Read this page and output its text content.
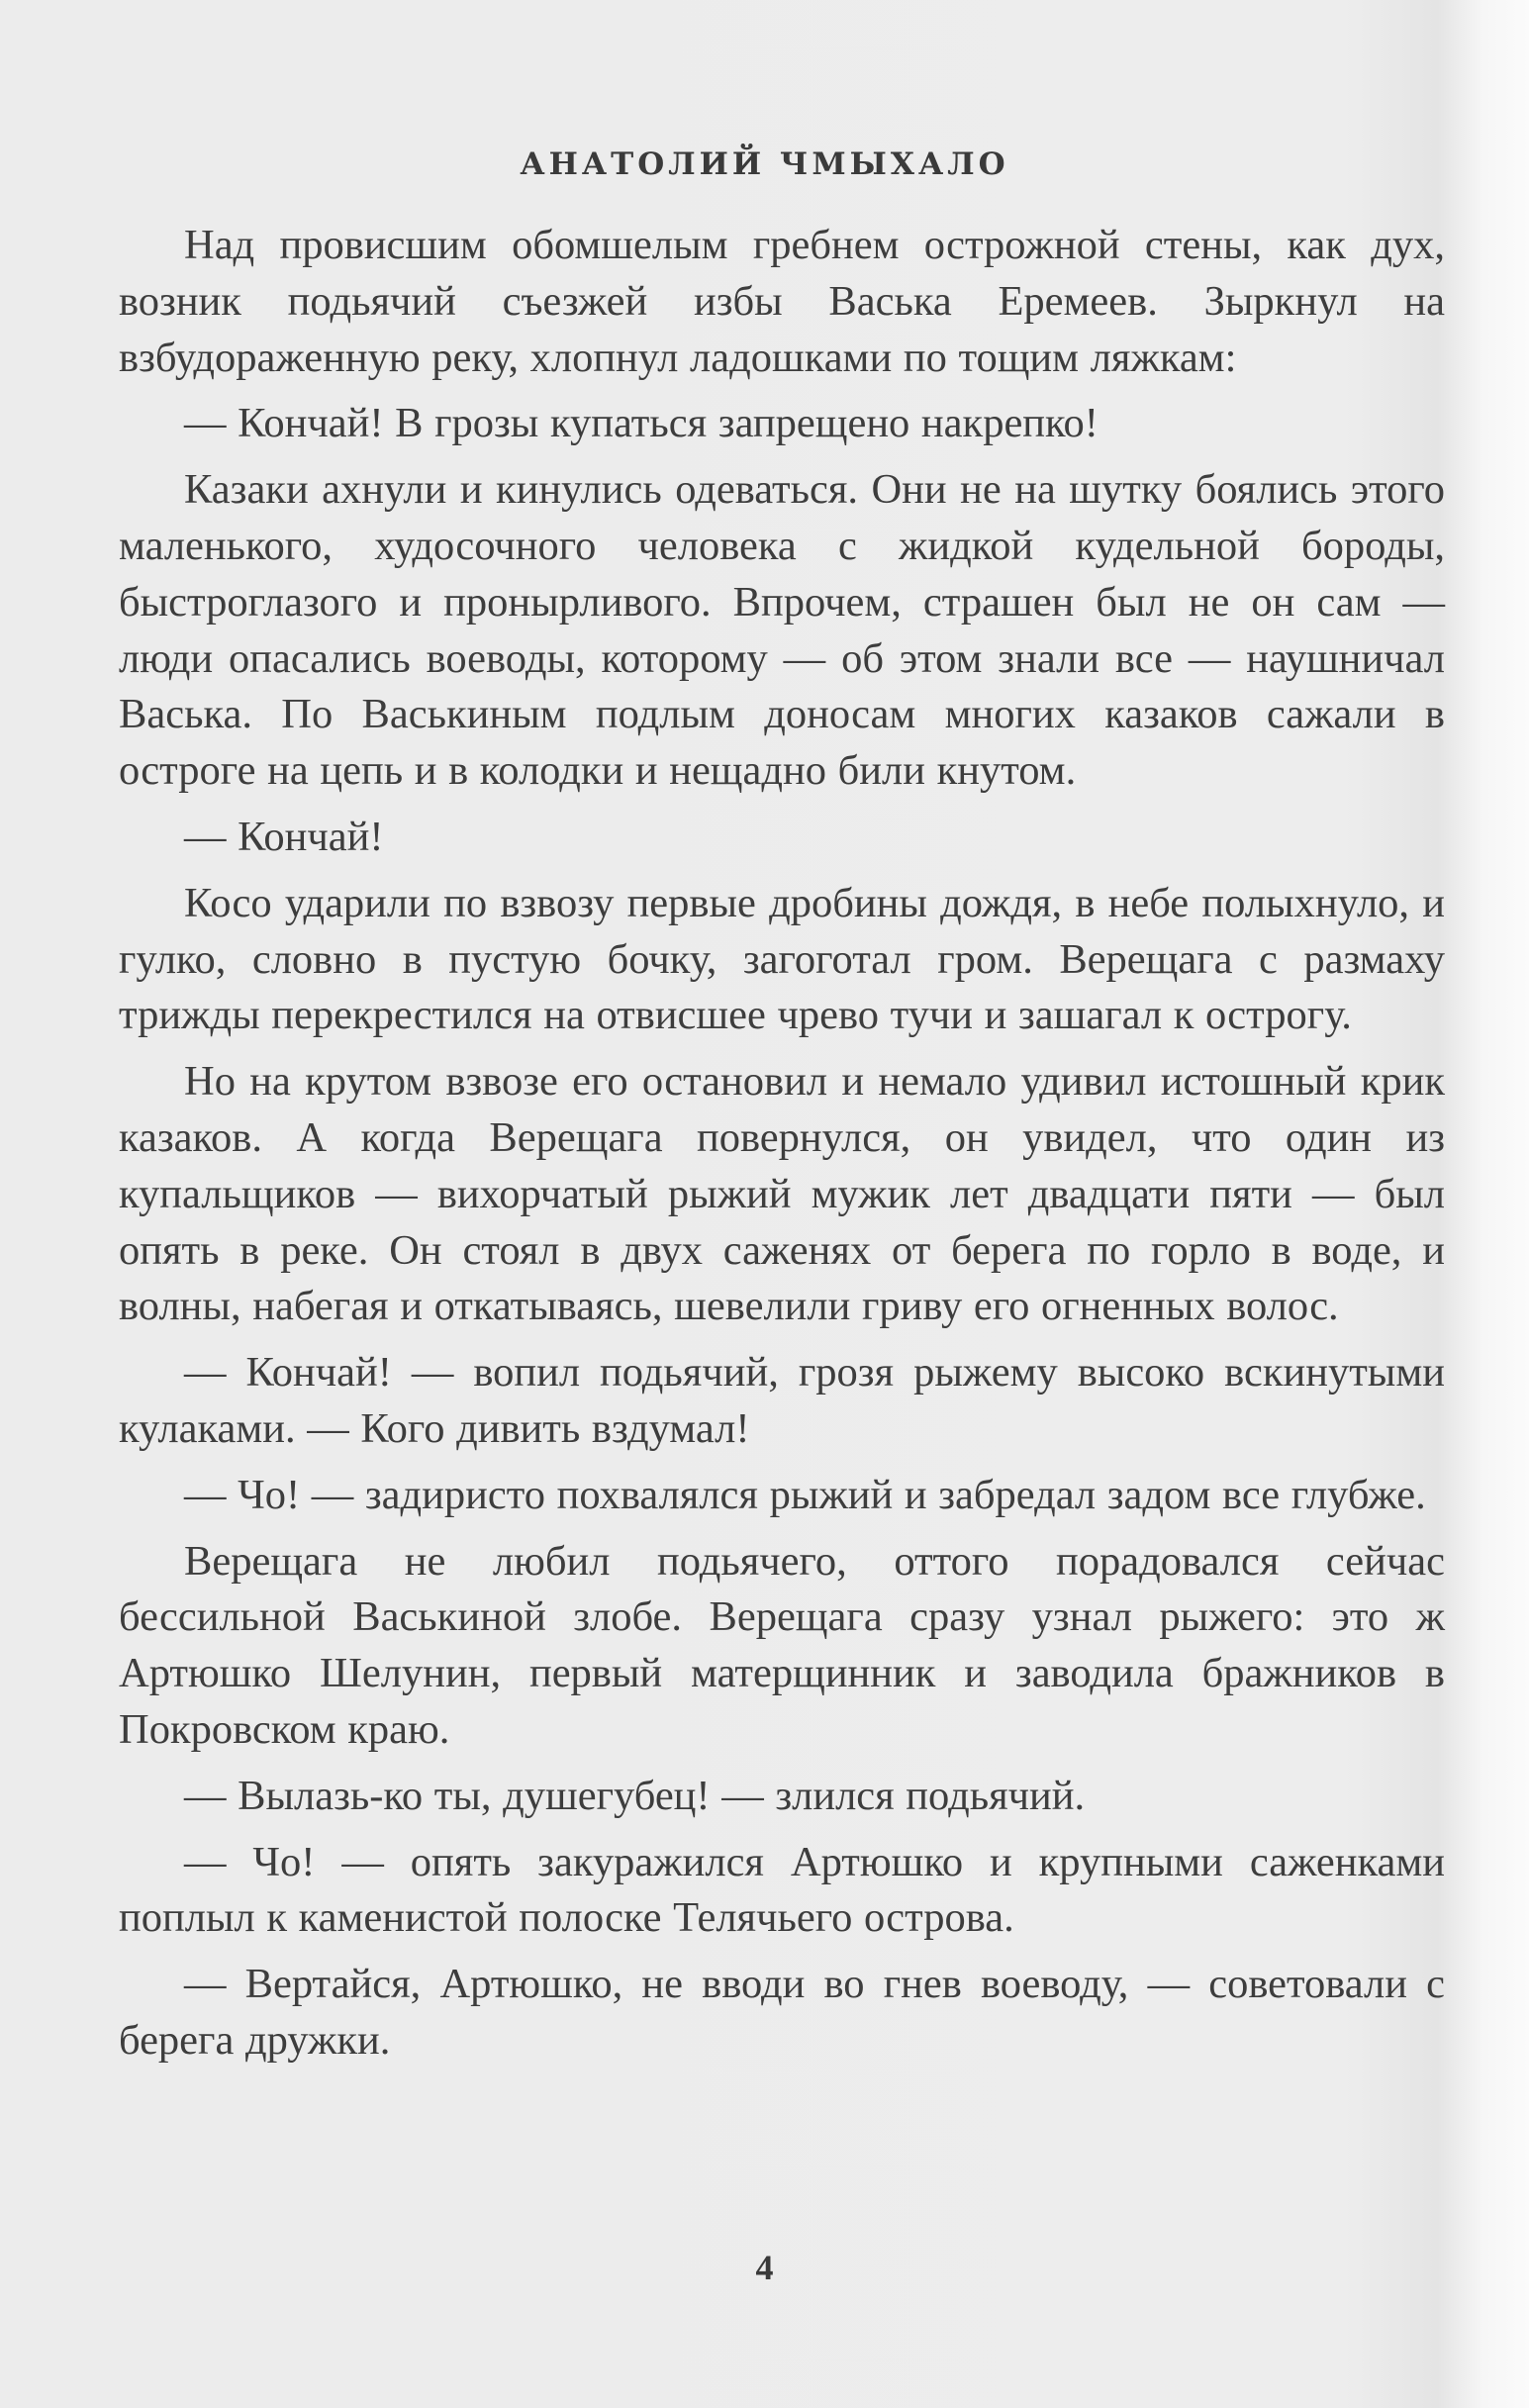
АНАТОЛИЙ ЧМЫХАЛО

Над провисшим обомшелым гребнем острожной стены, как дух, возник подьячий съезжей избы Васька Еремеев. Зыркнул на взбудораженную реку, хлопнул ладошками по тощим ляжкам:

— Кончай! В грозы купаться запрещено накрепко!

Казаки ахнули и кинулись одеваться. Они не на шутку боялись этого маленького, худосочного человека с жидкой кудельной бороды, быстроглазого и пронырливого. Впрочем, страшен был не он сам — люди опасались воеводы, которому — об этом знали все — наушничал Васька. По Васькиным подлым доносам многих казаков сажали в остроге на цепь и в колодки и нещадно били кнутом.

— Кончай!

Косо ударили по взвозу первые дробины дождя, в небе полыхнуло, и гулко, словно в пустую бочку, загоготал гром. Верещага с размаху трижды перекрестился на отвисшее чрево тучи и зашагал к острогу.

Но на крутом взвозе его остановил и немало удивил истошный крик казаков. А когда Верещага повернулся, он увидел, что один из купальщиков — вихорчатый рыжий мужик лет двадцати пяти — был опять в реке. Он стоял в двух саженях от берега по горло в воде, и волны, набегая и откатываясь, шевелили гриву его огненных волос.

— Кончай! — вопил подьячий, грозя рыжему высоко вскинутыми кулаками. — Кого дивить вздумал!

— Чо! — задиристо похвалялся рыжий и забредал задом все глубже.

Верещага не любил подьячего, оттого порадовался сейчас бессильной Васькиной злобе. Верещага сразу узнал рыжего: это ж Артюшко Шелунин, первый матерщинник и заводила бражников в Покровском краю.

— Вылазь-ко ты, душегубец! — злился подьячий.

— Чо! — опять закуражился Артюшко и крупными саженками поплыл к каменистой полоске Телячьего острова.

— Вертайся, Артюшко, не вводи во гнев воеводу, — советовали с берега дружки.

4
